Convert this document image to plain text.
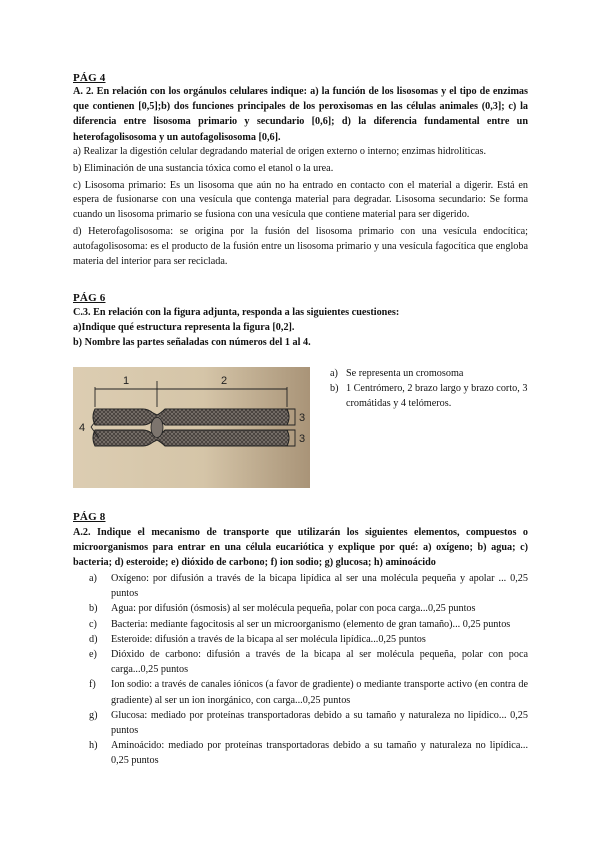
PÁG 4
A. 2. En relación con los orgánulos celulares indique: a) la función de los lisosomas y el tipo de enzimas que contienen [0,5];b) dos funciones principales de los peroxisomas en las células animales (0,3]; c) la diferencia entre lisosoma primario y secundario [0,6]; d) la diferencia fundamental entre un heterofagolisosoma y un autofagolisosoma [0,6].

a) Realizar la digestión celular degradando material de origen externo o interno; enzimas hidrolíticas.

b) Eliminación de una sustancia tóxica como el etanol o la urea.

c) Lisosoma primario: Es un lisosoma que aún no ha entrado en contacto con el material a digerir. Está en espera de fusionarse con una vesícula que contenga material para degradar. Lisosoma secundario: Se forma cuando un lisosoma primario se fusiona con una vesícula que contiene material para ser digerido.

d) Heterofagolisosoma: se origina por la fusión del lisosoma primario con una vesícula endocítica; autofagolisosoma: es el producto de la fusión entre un lisosoma primario y una vesícula fagocítica que engloba materia del interior para ser reciclada.

PÁG 6
C.3. En relación con la figura adjunta, responda a las siguientes cuestiones:
a)Indique qué estructura representa la figura [0,2].
b) Nombre las partes señaladas con números del 1 al 4.
1	2
3
3
4
a) Se representa un cromosoma
b) 1 Centrómero, 2 brazo largo y brazo corto, 3 cromátidas y 4 telómeros.
PÁG 8
A.2. Indique el mecanismo de transporte que utilizarán los siguientes elementos, compuestos o microorganismos para entrar en una célula eucariótica y explique por qué: a) oxígeno; b) agua; c) bacteria; d) esteroide; e) dióxido de carbono; f) ion sodio; g) glucosa; h) aminoácido
a) Oxígeno: por difusión a través de la bicapa lipídica al ser una molécula pequeña y apolar ... 0,25 puntos
b) Agua: por difusión (ósmosis) al ser molécula pequeña, polar con poca carga...0,25 puntos
c) Bacteria: mediante fagocitosis al ser un microorganismo (elemento de gran tamaño)... 0,25 puntos
d) Esteroide: difusión a través de la bicapa al ser molécula lipídica...0,25 puntos
e) Dióxido de carbono: difusión a través de la bicapa al ser molécula pequeña, polar con poca carga...0,25 puntos
f) Ion sodio: a través de canales iónicos (a favor de gradiente) o mediante transporte activo (en contra de gradiente) al ser un ion inorgánico, con carga...0,25 puntos
g) Glucosa: mediado por proteínas transportadoras debido a su tamaño y naturaleza no lipídico... 0,25 puntos
h) Aminoácido: mediado por proteínas transportadoras debido a su tamaño y naturaleza no lipídica... 0,25 puntos
